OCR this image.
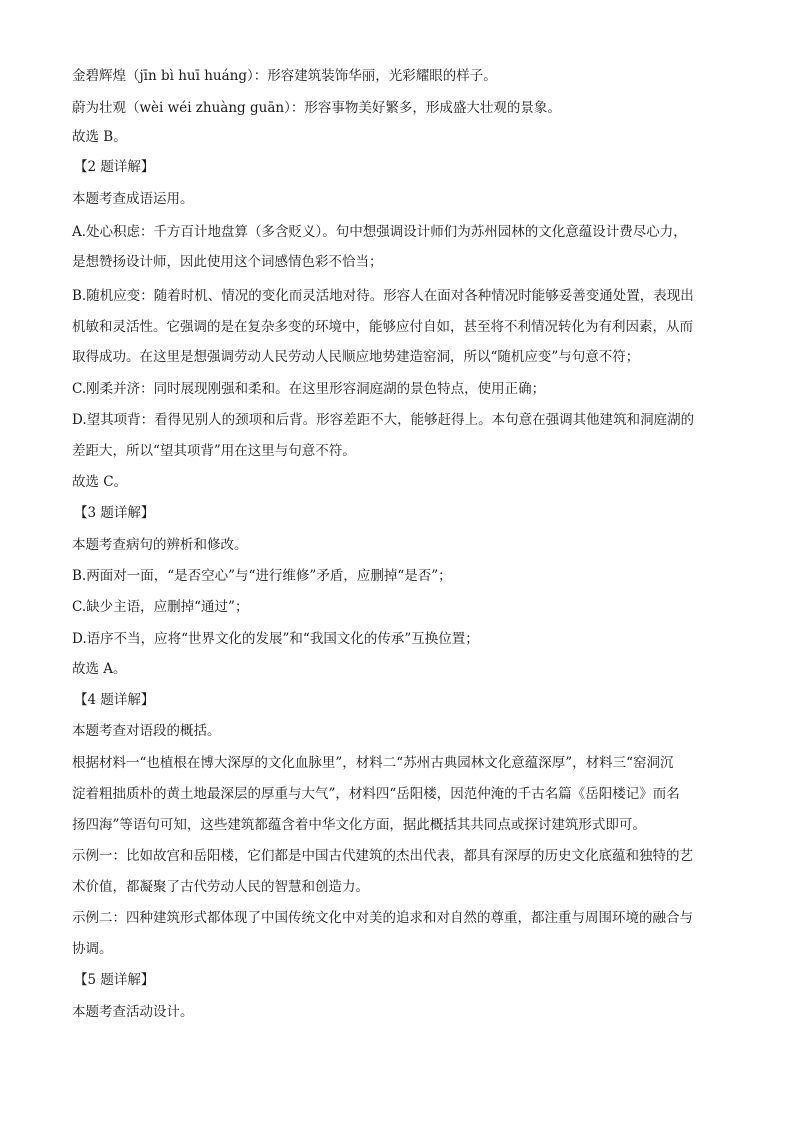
金碧辉煌（jīn bì huī huáng）：形容建筑装饰华丽，光彩耀眼的样子。
蔚为壮观（wèi wéi zhuàng guān）：形容事物美好繁多，形成盛大壮观的景象。
故选 B。
【2 题详解】
本题考查成语运用。
A.处心积虑：千方百计地盘算（多含贬义）。句中想强调设计师们为苏州园林的文化意蕴设计费尽心力，
是想赞扬设计师，因此使用这个词感情色彩不恰当；
B.随机应变：随着时机、情况的变化而灵活地对待。形容人在面对各种情况时能够妥善变通处置，表现出
机敏和灵活性。它强调的是在复杂多变的环境中，能够应付自如，甚至将不利情况转化为有利因素，从而
取得成功。在这里是想强调劳动人民劳动人民顺应地势建造窑洞，所以“随机应变”与句意不符；
C.刚柔并济：同时展现刚强和柔和。在这里形容洞庭湖的景色特点，使用正确；
D.望其项背：看得见别人的颈项和后背。形容差距不大，能够赶得上。本句意在强调其他建筑和洞庭湖的
差距大，所以“望其项背”用在这里与句意不符。
故选 C。
【3 题详解】
本题考查病句的辨析和修改。
B.两面对一面，“是否空心”与“进行维修”矛盾，应删掉“是否”；
C.缺少主语，应删掉“通过”；
D.语序不当，应将“世界文化的发展”和“我国文化的传承”互换位置；
故选 A。
【4 题详解】
本题考查对语段的概括。
根据材料一“也植根在博大深厚的文化血脉里”，材料二“苏州古典园林文化意蕴深厚”，材料三“窑洞沉
淀着粗拙质朴的黄土地最深层的厚重与大气”，材料四“岳阳楼，因范仲淹的千古名篇《岳阳楼记》而名
扬四海”等语句可知，这些建筑都蕴含着中华文化方面，据此概括其共同点或探讨建筑形式即可。
示例一：比如故宫和岳阳楼，它们都是中国古代建筑的杰出代表，都具有深厚的历史文化底蕴和独特的艺
术价值，都凝聚了古代劳动人民的智慧和创造力。
示例二：四种建筑形式都体现了中国传统文化中对美的追求和对自然的尊重，都注重与周围环境的融合与
协调。
【5 题详解】
本题考查活动设计。
